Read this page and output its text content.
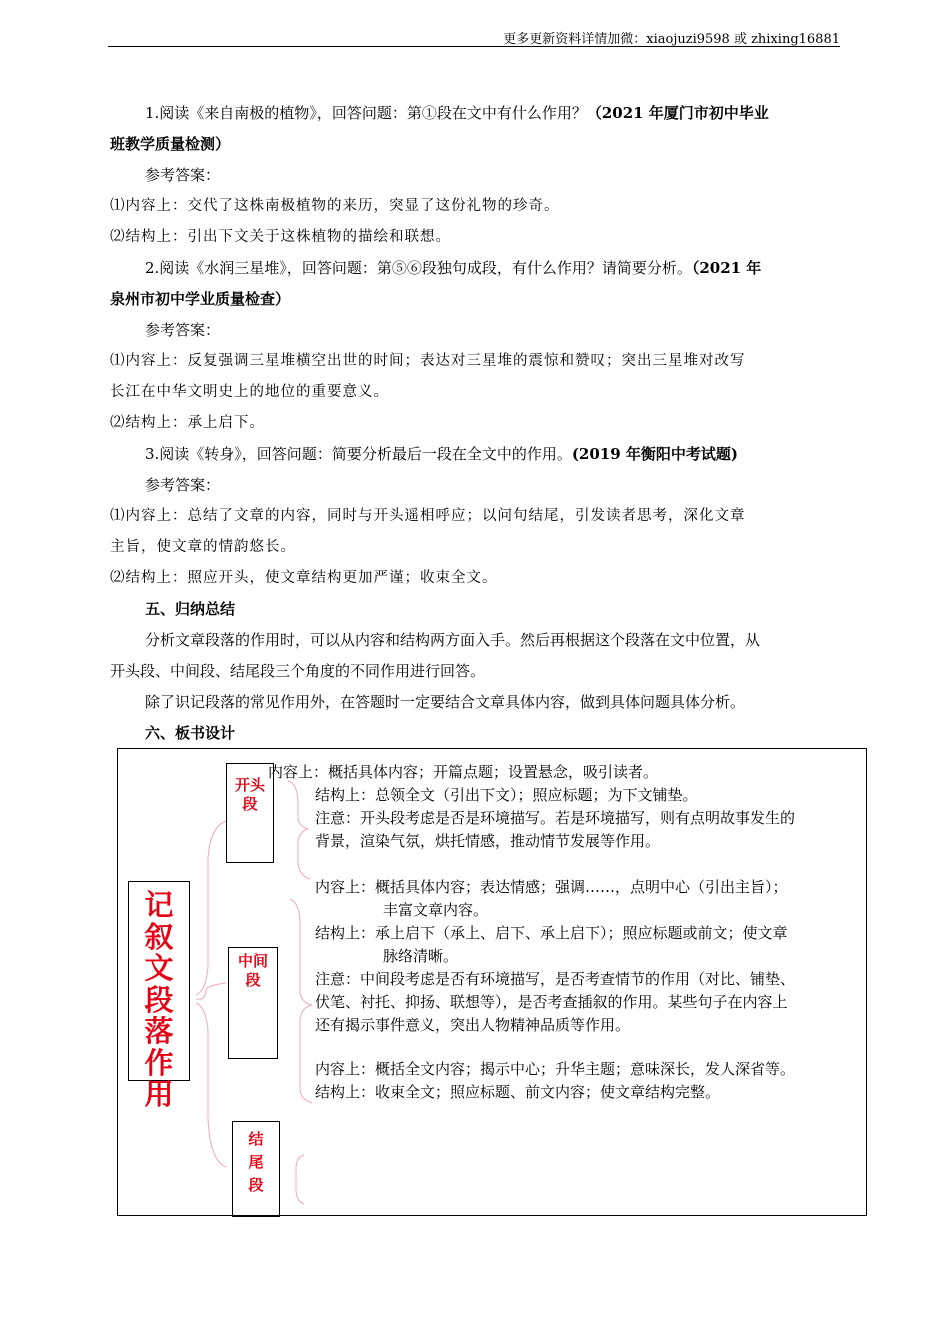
更多更新资料详情加微：xiaojuzi9598 或 zhixing16881

1.阅读《来自南极的植物》，回答问题：第①段在文中有什么作用？（2021 年厦门市初中毕业

班教学质量检测）

参考答案：

⑴内容上：交代了这株南极植物的来历，突显了这份礼物的珍奇。

⑵结构上：引出下文关于这株植物的描绘和联想。

2.阅读《水润三星堆》，回答问题：第⑤⑥段独句成段，有什么作用？请简要分析。（2021 年

泉州市初中学业质量检查）

参考答案：

⑴内容上：反复强调三星堆横空出世的时间；表达对三星堆的震惊和赞叹；突出三星堆对改写

长江在中华文明史上的地位的重要意义。

⑵结构上：承上启下。

3.阅读《转身》，回答问题：简要分析最后一段在全文中的作用。(2019 年衡阳中考试题)

参考答案：

⑴内容上：总结了文章的内容，同时与开头遥相呼应；以问句结尾，引发读者思考，深化文章

主旨，使文章的情韵悠长。

⑵结构上：照应开头，使文章结构更加严谨；收束全文。

五、归纳总结

分析文章段落的作用时，可以从内容和结构两方面入手。然后再根据这个段落在文中位置，从

开头段、中间段、结尾段三个角度的不同作用进行回答。

除了识记段落的常见作用外，在答题时一定要结合文章具体内容，做到具体问题具体分析。

六、板书设计

记
叙
文
段
落
作
用
开头
段
中间
段
结
尾
段
内容上：概括具体内容；开篇点题；设置悬念，吸引读者。
结构上：总领全文（引出下文）；照应标题；为下文铺垫。
注意：开头段考虑是否是环境描写。若是环境描写，则有点明故事发生的
背景，渲染气氛，烘托情感，推动情节发展等作用。
内容上：概括具体内容；表达情感；强调……，点明中心（引出主旨）；
丰富文章内容。
结构上：承上启下（承上、启下、承上启下）；照应标题或前文；使文章
脉络清晰。
注意：中间段考虑是否有环境描写，是否考查情节的作用（对比、铺垫、
伏笔、衬托、抑扬、联想等），是否考查插叙的作用。某些句子在内容上
还有揭示事件意义，突出人物精神品质等作用。
内容上：概括全文内容；揭示中心；升华主题；意味深长，发人深省等。
结构上：收束全文；照应标题、前文内容；使文章结构完整。
